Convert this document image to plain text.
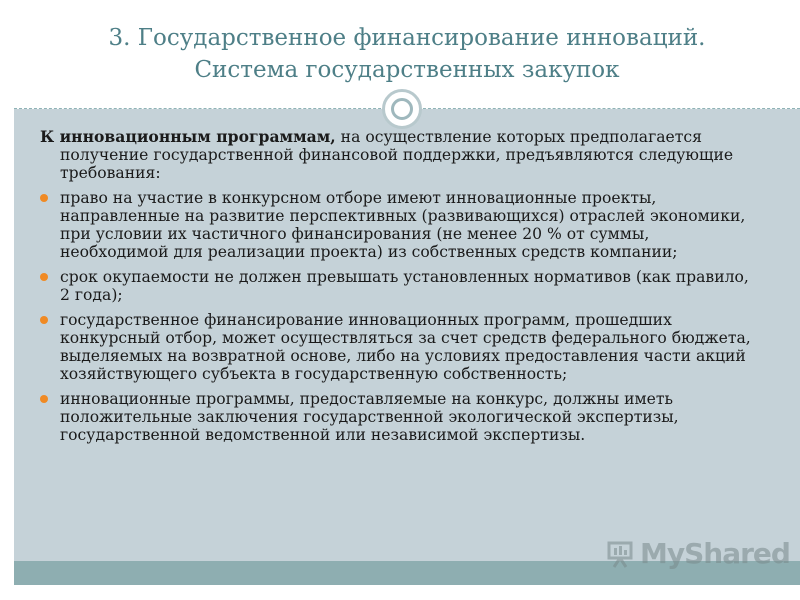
3. Государственное финансирование инноваций.
Система государственных закупок

К инновационным программам, на осуществление которых предполагается получение государственной финансовой поддержки, предъявляются следующие требования:

право на участие в конкурсном отборе имеют инновационные проекты, направленные на развитие перспективных (развивающихся) отраслей экономики, при условии их частичного финансирования (не менее 20 % от суммы, необходимой для реализации проекта) из собственных средств компании;
срок окупаемости не должен превышать установленных нормативов (как правило, 2 года);
государственное финансирование инновационных программ, прошедших конкурсный отбор, может осуществляться за счет средств федерального бюджета, выделяемых на возвратной основе, либо на условиях предоставления части акций хозяйствующего субъекта в государственную собственность;
инновационные программы, предоставляемые на конкурс, должны иметь положительные заключения государственной экологической экспертизы, государственной ведомственной или независимой экспертизы.
MyShared
